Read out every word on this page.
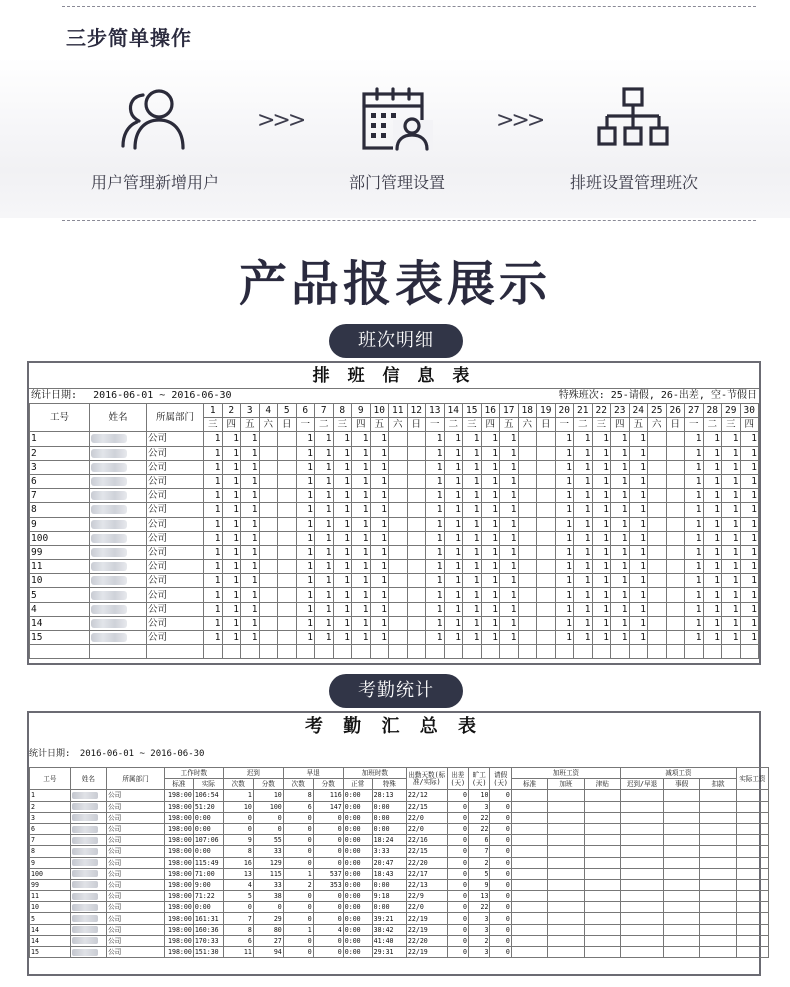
三步简单操作
用户管理新增用户
>>>
部门管理设置
>>>
排班设置管理班次
产品报表展示
班次明细
排 班 信 息 表
统计日期: 2016-06-01 ~ 2016-06-30	特殊班次: 25-请假, 26-出差, 空-节假日
工号	姓名	所属部门	1	2	3	4	5	6	7	8	9	10	11	12	13	14	15	16	17	18	19	20	21	22	23	24	25	26	27	28	29	30
			三	四	五	六	日	一	二	三	四	五	六	日	一	二	三	四	五	六	日	一	二	三	四	五	六	日	一	二	三	四
1		公司	1	1	1			1	1	1	1	1			1	1	1	1	1			1	1	1	1	1			1	1	1	1
2		公司	1	1	1			1	1	1	1	1			1	1	1	1	1			1	1	1	1	1			1	1	1	1
3		公司	1	1	1			1	1	1	1	1			1	1	1	1	1			1	1	1	1	1			1	1	1	1
6		公司	1	1	1			1	1	1	1	1			1	1	1	1	1			1	1	1	1	1			1	1	1	1
7		公司	1	1	1			1	1	1	1	1			1	1	1	1	1			1	1	1	1	1			1	1	1	1
8		公司	1	1	1			1	1	1	1	1			1	1	1	1	1			1	1	1	1	1			1	1	1	1
9		公司	1	1	1			1	1	1	1	1			1	1	1	1	1			1	1	1	1	1			1	1	1	1
100		公司	1	1	1			1	1	1	1	1			1	1	1	1	1			1	1	1	1	1			1	1	1	1
99		公司	1	1	1			1	1	1	1	1			1	1	1	1	1			1	1	1	1	1			1	1	1	1
11		公司	1	1	1			1	1	1	1	1			1	1	1	1	1			1	1	1	1	1			1	1	1	1
10		公司	1	1	1			1	1	1	1	1			1	1	1	1	1			1	1	1	1	1			1	1	1	1
5		公司	1	1	1			1	1	1	1	1			1	1	1	1	1			1	1	1	1	1			1	1	1	1
4		公司	1	1	1			1	1	1	1	1			1	1	1	1	1			1	1	1	1	1			1	1	1	1
14		公司	1	1	1			1	1	1	1	1			1	1	1	1	1			1	1	1	1	1			1	1	1	1
15		公司	1	1	1			1	1	1	1	1			1	1	1	1	1			1	1	1	1	1			1	1	1	1

考勤统计
考 勤 汇 总 表
统计日期: 2016-06-01 ~ 2016-06-30
工号	姓名	所属部门	工作时数		迟到		早退		加班时数		出勤天数(标准/实际)	出差(天)	旷工(天)	请假(天)	加班工资			减项工资			实际工资
			标准	实际	次数	分数	次数	分数	正常	特殊					标准	加班	津贴	迟到/早退	事假	扣款	
1		公司	198:00	106:54	1	10	8	116	0:00	28:13	22/12	0	10	0							
2		公司	198:00	51:20	10	100	6	147	0:00	0:00	22/15	0	3	0							
3		公司	198:00	0:00	0	0	0	0	0:00	0:00	22/0	0	22	0							
6		公司	198:00	0:00	0	0	0	0	0:00	0:00	22/0	0	22	0							
7		公司	198:00	107:06	9	55	0	0	0:00	18:24	22/16	0	6	0							
8		公司	198:00	0:00	8	33	0	0	0:00	3:33	22/15	0	7	0							
9		公司	198:00	115:49	16	129	0	0	0:00	20:47	22/20	0	2	0							
100		公司	198:00	71:00	13	115	1	537	0:00	18:43	22/17	0	5	0							
99		公司	198:00	9:00	4	33	2	353	0:00	0:00	22/13	0	9	0							
11		公司	198:00	71:22	5	38	0	0	0:00	9:18	22/9	0	13	0							
10		公司	198:00	0:00	0	0	0	0	0:00	0:00	22/0	0	22	0							
5		公司	198:00	161:31	7	29	0	0	0:00	39:21	22/19	0	3	0							
14		公司	198:00	160:36	8	80	1	4	0:00	38:42	22/19	0	3	0							
14		公司	198:00	170:33	6	27	0	0	0:00	41:40	22/20	0	2	0							
15		公司	198:00	151:30	11	94	0	0	0:00	29:31	22/19	0	3	0							
